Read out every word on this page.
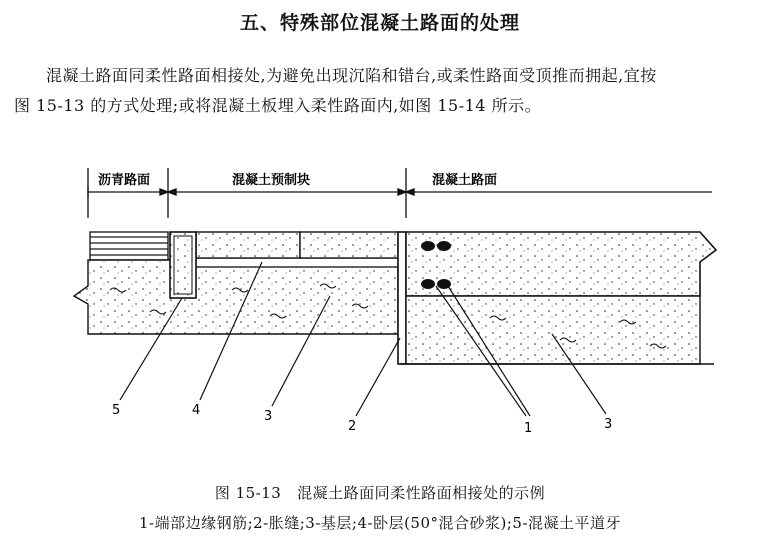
五、特殊部位混凝土路面的处理
混凝土路面同柔性路面相接处,为避免出现沉陷和错台,或柔性路面受顶推而拥起,宜按
图 15-13 的方式处理;或将混凝土板埋入柔性路面内,如图 15-14 所示。
沥青路面	混凝土预制块	混凝土路面
5	4	3
2	1	3
图 15-13 混凝土路面同柔性路面相接处的示例
1-端部边缘钢筋;2-胀缝;3-基层;4-卧层(50°混合砂浆);5-混凝土平道牙
